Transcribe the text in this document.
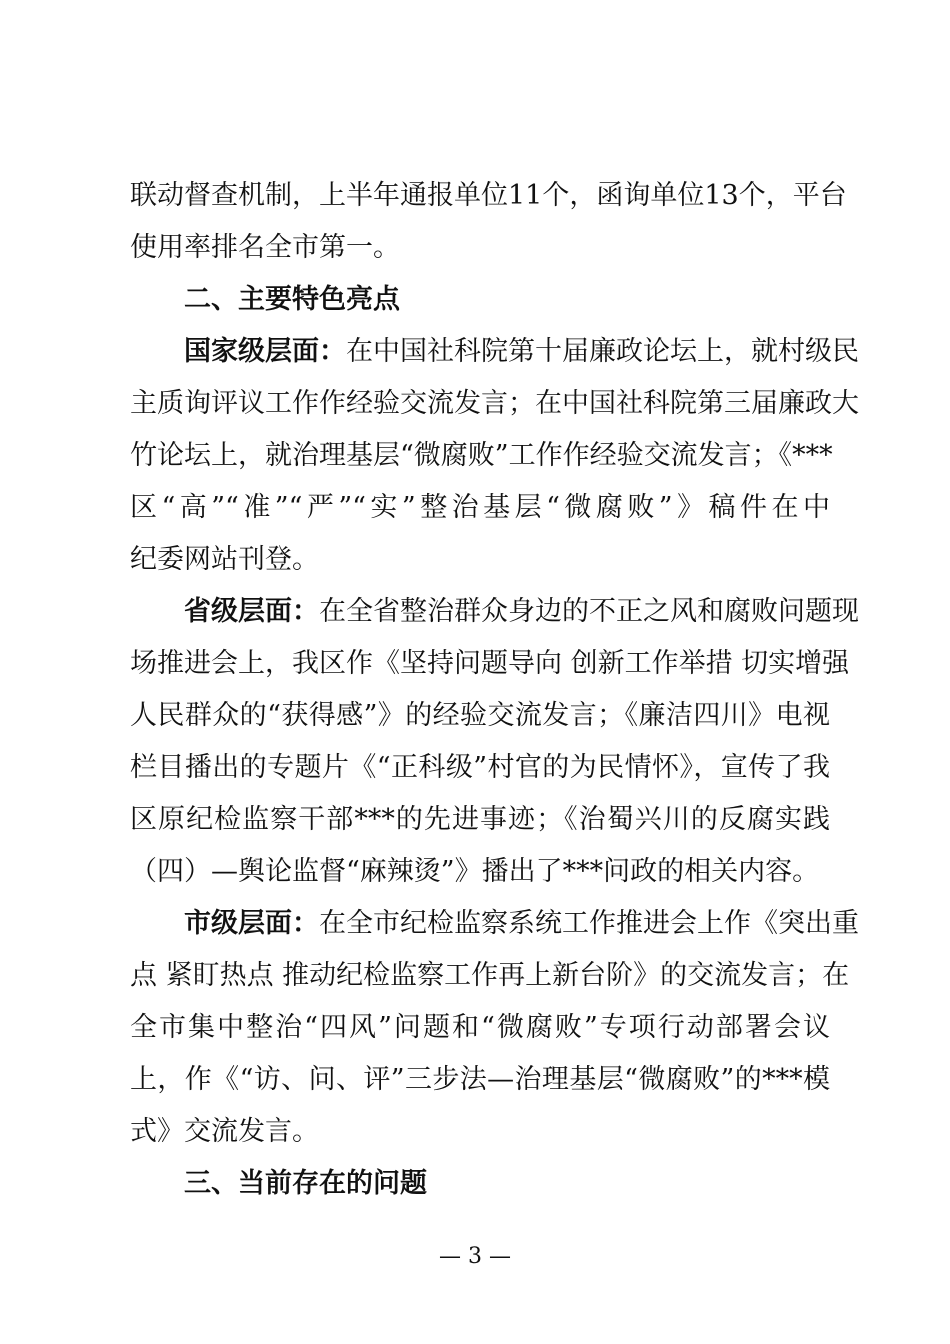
联动督查机制，上半年通报单位11个，函询单位13个，平台
使用率排名全市第一。
二、主要特色亮点
国家级层面：在中国社科院第十届廉政论坛上，就村级民
主质询评议工作作经验交流发言；在中国社科院第三届廉政大
竹论坛上，就治理基层“微腐败”工作作经验交流发言；《***
区“高”“准”“严”“实”整治基层“微腐败”》稿件在中
纪委网站刊登。
省级层面：在全省整治群众身边的不正之风和腐败问题现
场推进会上，我区作《坚持问题导向 创新工作举措 切实增强
人民群众的“获得感”》的经验交流发言；《廉洁四川》电视
栏目播出的专题片《“正科级”村官的为民情怀》，宣传了我
区原纪检监察干部***的先进事迹；《治蜀兴川的反腐实践
（四）—舆论监督“麻辣烫”》播出了***问政的相关内容。
市级层面：在全市纪检监察系统工作推进会上作《突出重
点 紧盯热点 推动纪检监察工作再上新台阶》的交流发言；在
全市集中整治“四风”问题和“微腐败”专项行动部署会议
上，作《“访、问、评”三步法—治理基层“微腐败”的***模
式》交流发言。
三、当前存在的问题
— 3 —
